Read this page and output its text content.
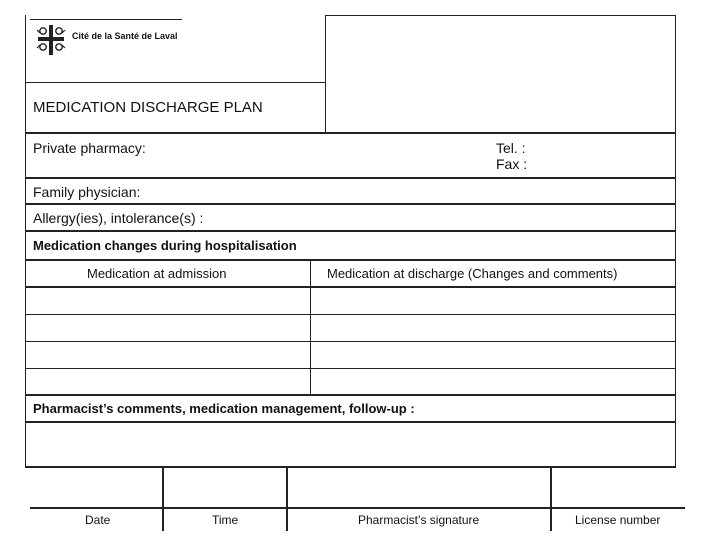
Cité de la Santé de Laval
MEDICATION DISCHARGE PLAN
Private pharmacy:	Tel. :
Fax :
Family physician:
Allergy(ies), intolerance(s) :
Medication changes during hospitalisation
Medication at admission	Medication at discharge (Changes and comments)
Pharmacist’s comments, medication management, follow-up :
Date	Time	Pharmacist’s signature	License number
